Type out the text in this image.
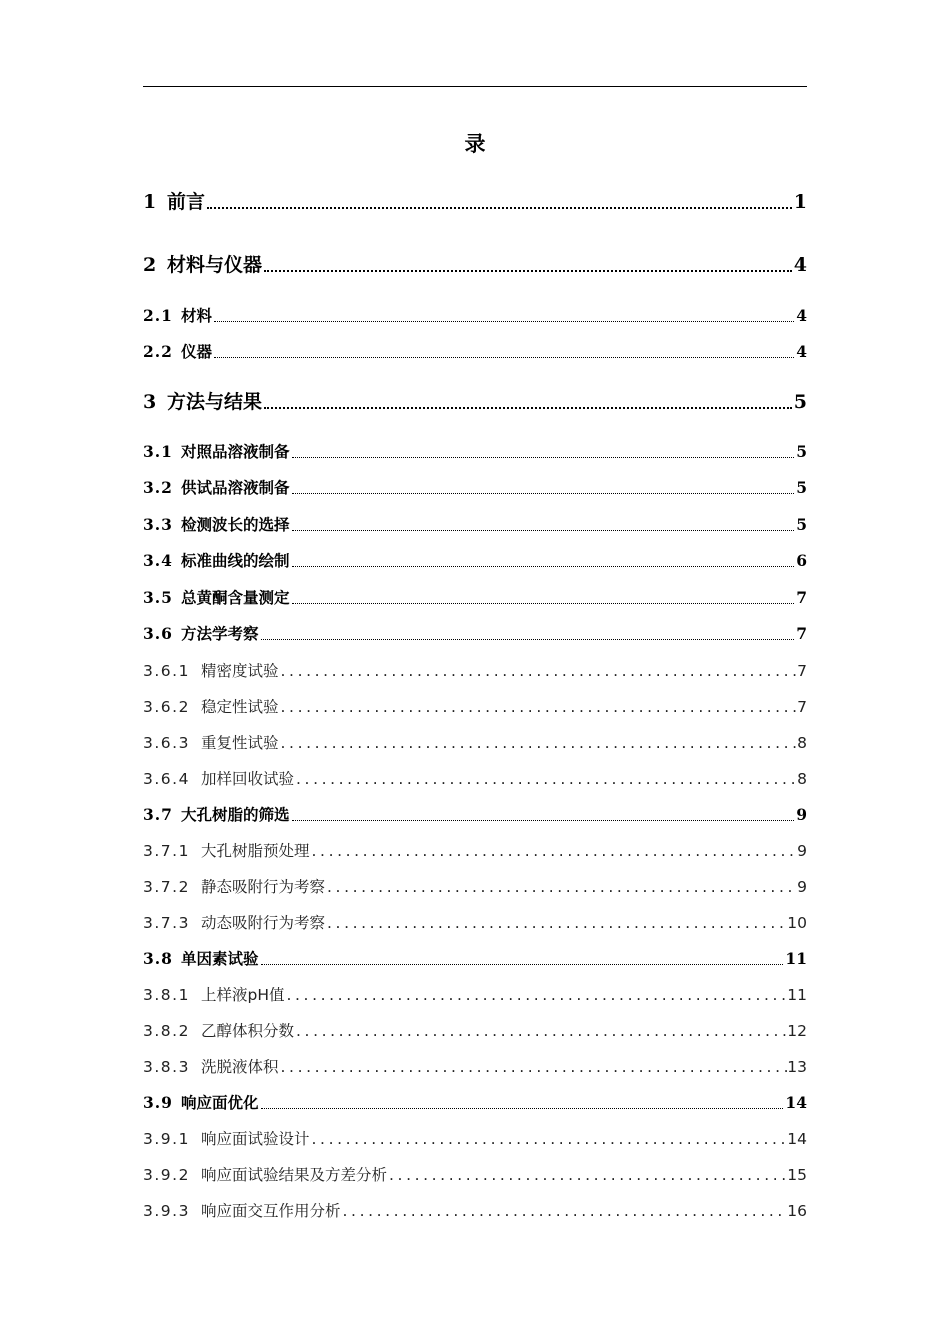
录
1 前言	1
2 材料与仪器	4
2.1 材料	4
2.2 仪器	4
3 方法与结果	5
3.1 对照品溶液制备	5
3.2 供试品溶液制备	5
3.3 检测波长的选择	5
3.4 标准曲线的绘制	6
3.5 总黄酮含量测定	7
3.6 方法学考察	7
3.6.1 精密度试验 .....	7
3.6.2 稳定性试验 .....	7
3.6.3 重复性试验 .....	8
3.6.4 加样回收试验 .....	8
3.7 大孔树脂的筛选	9
3.7.1 大孔树脂预处理 .....	9
3.7.2 静态吸附行为考察 .....	9
3.7.3 动态吸附行为考察 .....	10
3.8 单因素试验	11
3.8.1 上样液pH值 .....	11
3.8.2 乙醇体积分数 .....	12
3.8.3 洗脱液体积 .....	13
3.9 响应面优化	14
3.9.1 响应面试验设计 .....	14
3.9.2 响应面试验结果及方差分析 .....	15
3.9.3 响应面交互作用分析 .....	16
